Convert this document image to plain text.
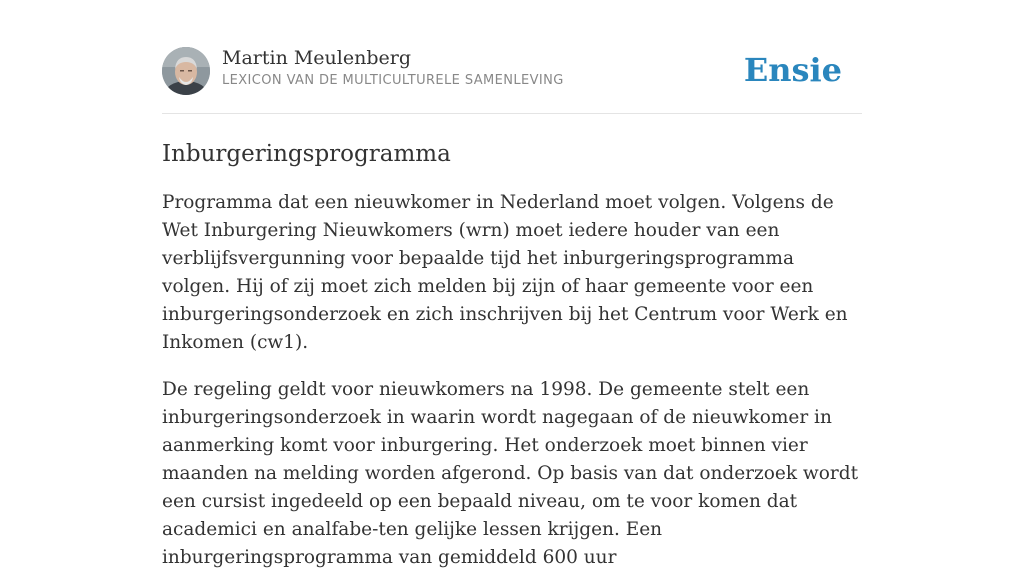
Martin Meulenberg
LEXICON VAN DE MULTICULTURELE SAMENLEVING	Ensie
Inburgeringsprogramma

Programma dat een nieuwkomer in Nederland moet volgen. Volgens de Wet Inburgering Nieuwkomers (wrn) moet iedere houder van een verblijfsvergunning voor bepaalde tijd het inburgeringsprogramma volgen. Hij of zij moet zich melden bij zijn of haar gemeente voor een inburgeringsonderzoek en zich inschrijven bij het Centrum voor Werk en Inkomen (cw1).

De regeling geldt voor nieuwkomers na 1998. De gemeente stelt een inburgeringsonderzoek in waarin wordt nagegaan of de nieuwkomer in aanmerking komt voor inburgering. Het onderzoek moet binnen vier maanden na melding worden afgerond. Op basis van dat onderzoek wordt een cursist ingedeeld op een bepaald niveau, om te voor komen dat academici en analfabe-ten gelijke lessen krijgen. Een inburgeringsprogramma van gemiddeld 600 uur
